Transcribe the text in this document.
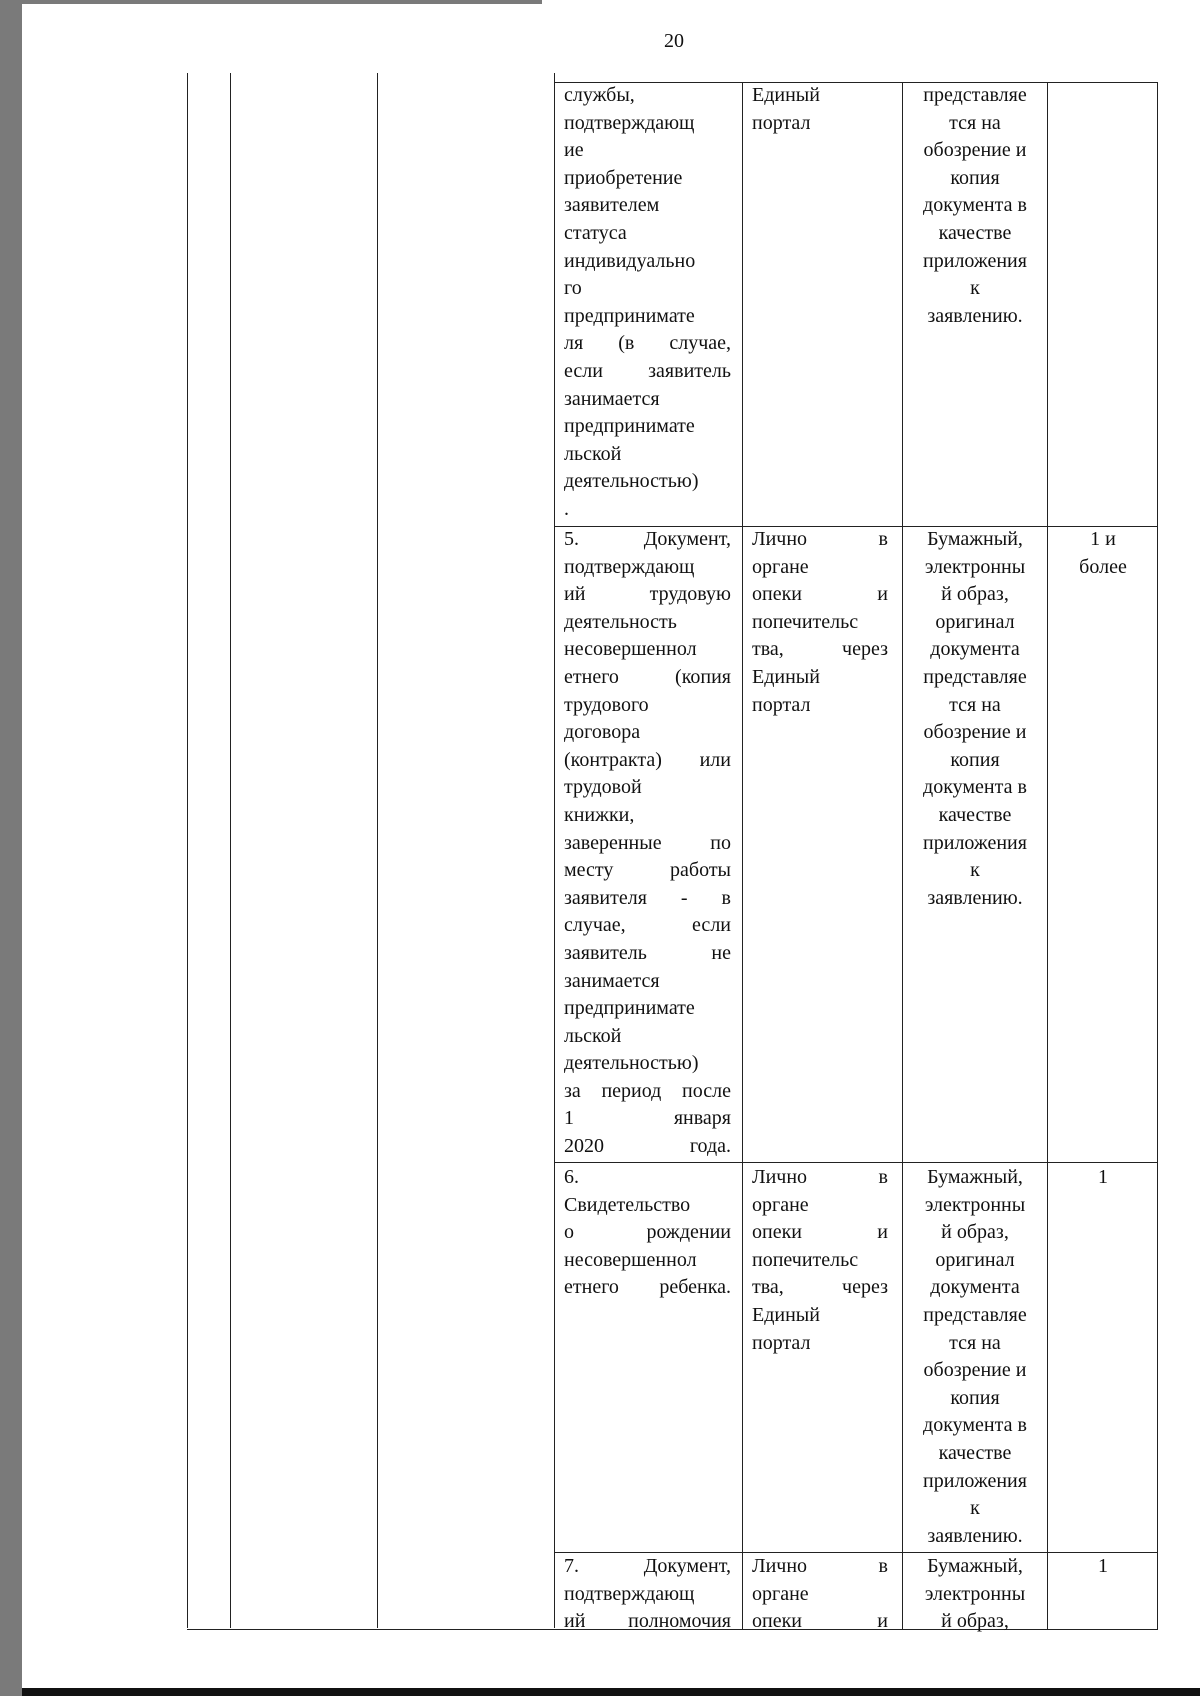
20
службы,
подтверждающ
ие
приобретение
заявителем
статуса
индивидуально
го
предпринимате
ля (в случае,
если заявитель
занимается
предпринимате
льской
деятельностью)
.
Единый
портал
представляе
тся на
обозрение и
копия
документа в
качестве
приложения
к
заявлению.
5. Документ,
подтверждающ
ий трудовую
деятельность
несовершеннол
етнего (копия
трудового
договора
(контракта) или
трудовой
книжки,
заверенные по
месту работы
заявителя - в
случае, если
заявитель не
занимается
предпринимате
льской
деятельностью)
за период после
1 января
2020 года.
Лично в
органе
опеки и
попечительс
тва, через
Единый
портал
Бумажный,
электронны
й образ,
оригинал
документа
представляе
тся на
обозрение и
копия
документа в
качестве
приложения
к
заявлению.
1 и
более
6.
Свидетельство
о рождении
несовершеннол
етнего ребенка.
Лично в
органе
опеки и
попечительс
тва, через
Единый
портал
Бумажный,
электронны
й образ,
оригинал
документа
представляе
тся на
обозрение и
копия
документа в
качестве
приложения
к
заявлению.
1
7. Документ,
подтверждающ
ий полномочия
Лично в
органе
опеки и
Бумажный,
электронны
й образ,
1
